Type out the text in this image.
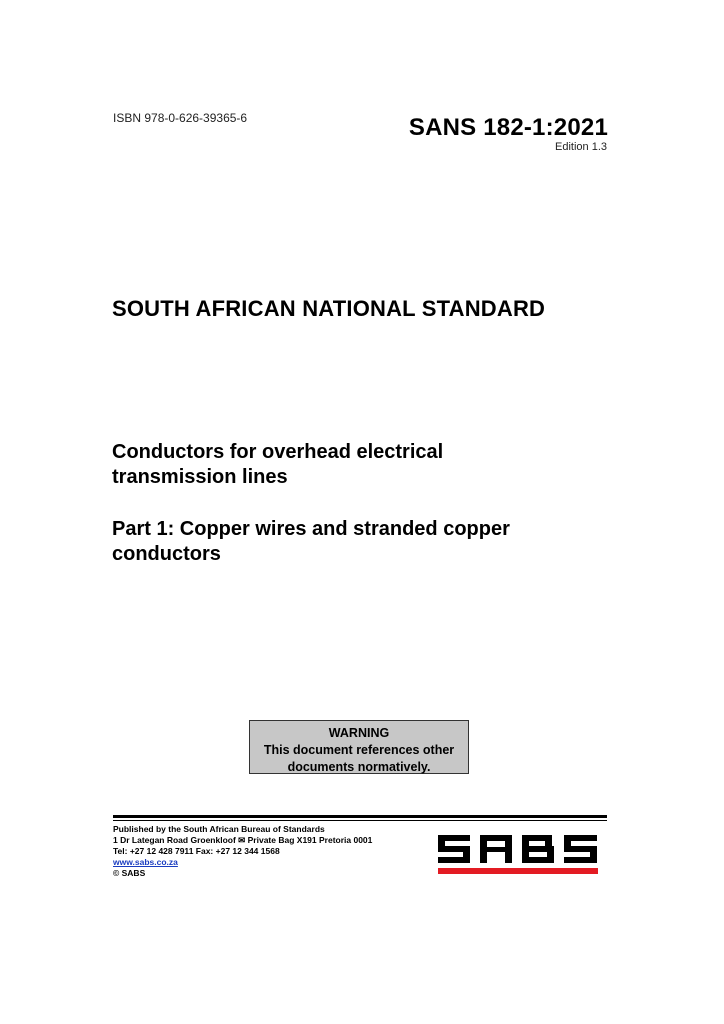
ISBN 978-0-626-39365-6	SANS 182-1:2021
Edition 1.3
SOUTH AFRICAN NATIONAL STANDARD
Conductors for overhead electrical
transmission lines
Part 1: Copper wires and stranded copper
conductors
WARNING
This document references other
documents normatively.
Published by the South African Bureau of Standards
1 Dr Lategan Road Groenkloof ✉ Private Bag X191 Pretoria 0001
Tel: +27 12 428 7911 Fax: +27 12 344 1568
www.sabs.co.za
© SABS
